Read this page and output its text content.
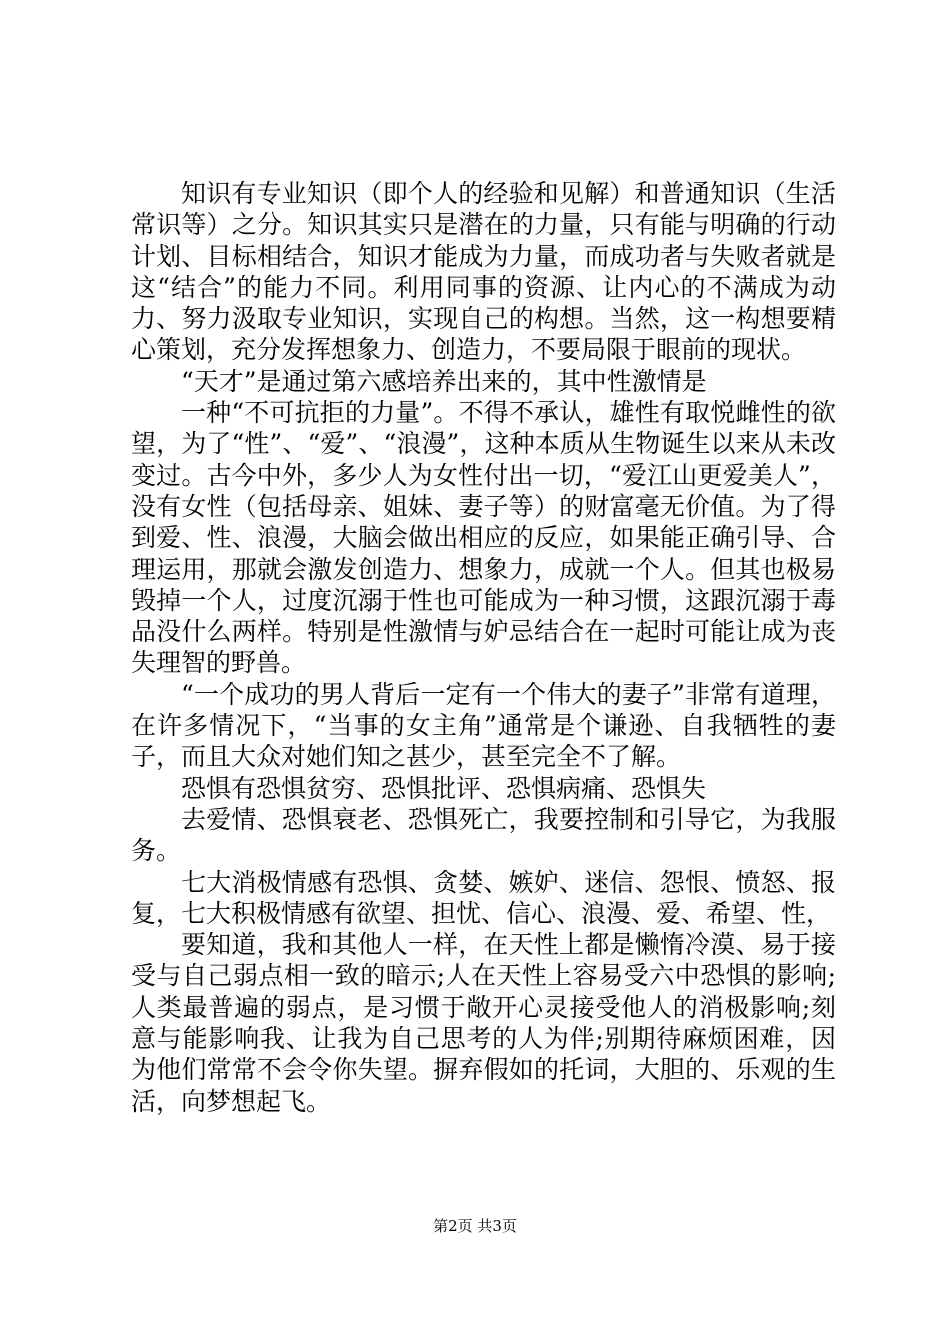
知识有专业知识（即个人的经验和见解）和普通知识（生活常识等）之分。知识其实只是潜在的力量，只有能与明确的行动计划、目标相结合，知识才能成为力量，而成功者与失败者就是这“结合”的能力不同。利用同事的资源、让内心的不满成为动力、努力汲取专业知识，实现自己的构想。当然，这一构想要精心策划，充分发挥想象力、创造力，不要局限于眼前的现状。

“天才”是通过第六感培养出来的，其中性激情是

一种“不可抗拒的力量”。不得不承认，雄性有取悦雌性的欲望，为了“性”、“爱”、“浪漫”，这种本质从生物诞生以来从未改变过。古今中外，多少人为女性付出一切，“爱江山更爱美人”，没有女性（包括母亲、姐妹、妻子等）的财富毫无价值。为了得到爱、性、浪漫，大脑会做出相应的反应，如果能正确引导、合理运用，那就会激发创造力、想象力，成就一个人。但其也极易毁掉一个人，过度沉溺于性也可能成为一种习惯，这跟沉溺于毒品没什么两样。特别是性激情与妒忌结合在一起时可能让成为丧失理智的野兽。

“一个成功的男人背后一定有一个伟大的妻子”非常有道理，在许多情况下，“当事的女主角”通常是个谦逊、自我牺牲的妻子，而且大众对她们知之甚少，甚至完全不了解。

恐惧有恐惧贫穷、恐惧批评、恐惧病痛、恐惧失

去爱情、恐惧衰老、恐惧死亡，我要控制和引导它，为我服务。

七大消极情感有恐惧、贪婪、嫉妒、迷信、怨恨、愤怒、报复，七大积极情感有欲望、担忧、信心、浪漫、爱、希望、性，

要知道，我和其他人一样，在天性上都是懒惰冷漠、易于接受与自己弱点相一致的暗示;人在天性上容易受六中恐惧的影响;人类最普遍的弱点，是习惯于敞开心灵接受他人的消极影响;刻意与能影响我、让我为自己思考的人为伴;别期待麻烦困难，因为他们常常不会令你失望。摒弃假如的托词，大胆的、乐观的生活，向梦想起飞。

第2页 共3页
